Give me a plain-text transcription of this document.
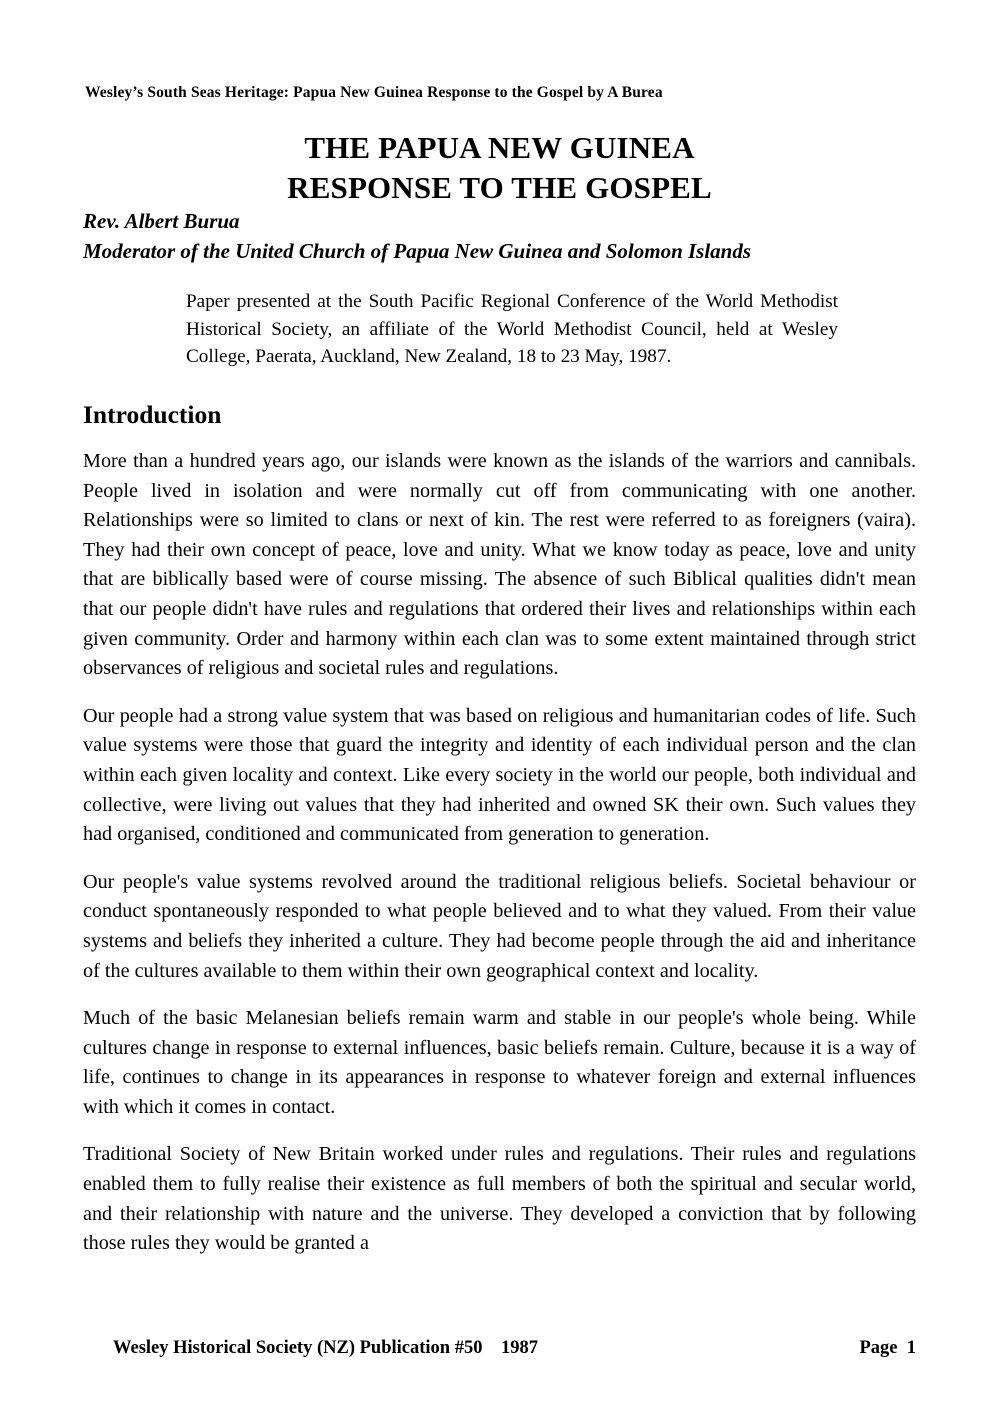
Wesley’s South Seas Heritage: Papua New Guinea Response to the Gospel by A Burea
THE PAPUA NEW GUINEA
RESPONSE TO THE GOSPEL
Rev. Albert Burua
Moderator of the United Church of Papua New Guinea and Solomon Islands
Paper presented at the South Pacific Regional Conference of the World Methodist Historical Society, an affiliate of the World Methodist Council, held at Wesley College, Paerata, Auckland, New Zealand, 18 to 23 May, 1987.
Introduction

More than a hundred years ago, our islands were known as the islands of the warriors and cannibals. People lived in isolation and were normally cut off from communicating with one another. Relationships were so limited to clans or next of kin. The rest were referred to as foreigners (vaira). They had their own concept of peace, love and unity. What we know today as peace, love and unity that are biblically based were of course missing. The absence of such Biblical qualities didn't mean that our people didn't have rules and regulations that ordered their lives and relationships within each given community. Order and harmony within each clan was to some extent maintained through strict observances of religious and societal rules and regulations.

Our people had a strong value system that was based on religious and humanitarian codes of life. Such value systems were those that guard the integrity and identity of each individual person and the clan within each given locality and context. Like every society in the world our people, both individual and collective, were living out values that they had inherited and owned SK their own. Such values they had organised, conditioned and communicated from generation to generation.

Our people's value systems revolved around the traditional religious beliefs. Societal behaviour or conduct spontaneously responded to what people believed and to what they valued. From their value systems and beliefs they inherited a culture. They had become people through the aid and inheritance of the cultures available to them within their own geographical context and locality.

Much of the basic Melanesian beliefs remain warm and stable in our people's whole being. While cultures change in response to external influences, basic beliefs remain. Culture, because it is a way of life, continues to change in its appearances in response to whatever foreign and external influences with which it comes in contact.

Traditional Society of New Britain worked under rules and regulations. Their rules and regulations enabled them to fully realise their existence as full members of both the spiritual and secular world, and their relationship with nature and the universe. They developed a conviction that by following those rules they would be granted a

Wesley Historical Society (NZ) Publication #50    1987	Page  1
